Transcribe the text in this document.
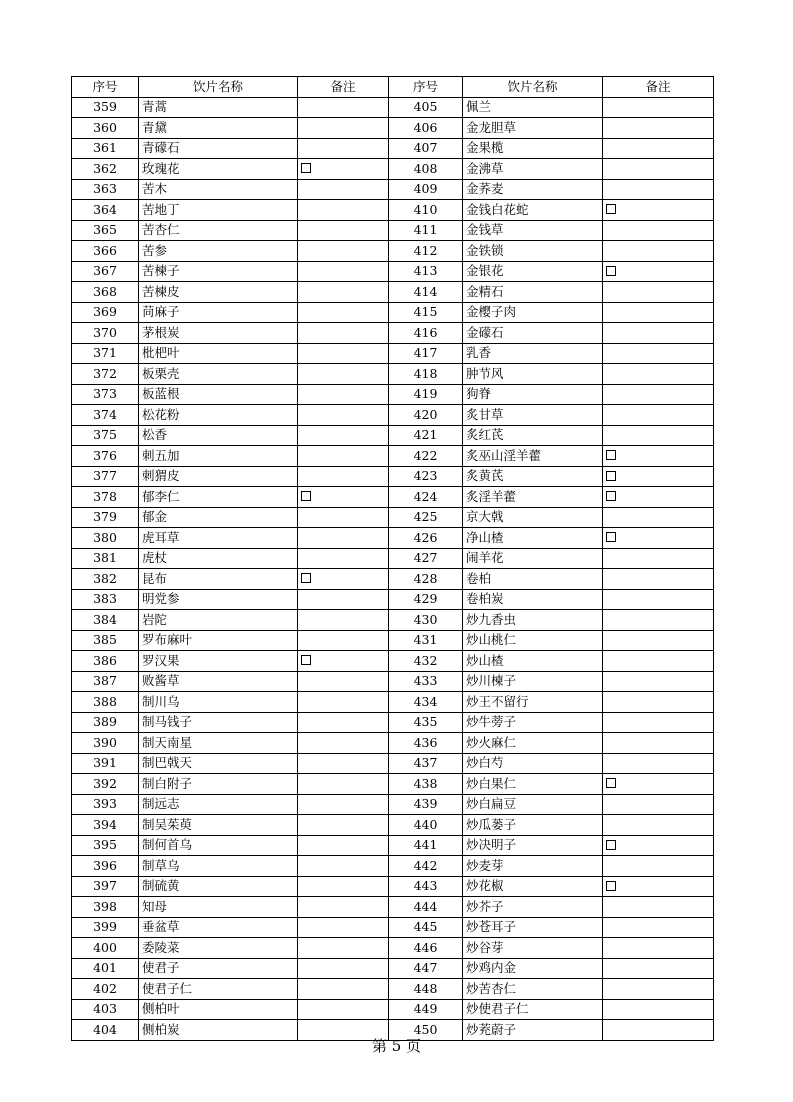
序号	饮片名称	备注	序号	饮片名称	备注
359	青蒿		405	佩兰	
360	青黛		406	金龙胆草	
361	青礞石		407	金果榄	
362	玫瑰花		408	金沸草	
363	苦木		409	金荞麦	
364	苦地丁		410	金钱白花蛇	
365	苦杏仁		411	金钱草	
366	苦参		412	金铁锁	
367	苦楝子		413	金银花	
368	苦楝皮		414	金精石	
369	苘麻子		415	金樱子肉	
370	茅根炭		416	金礞石	
371	枇杷叶		417	乳香	
372	板栗壳		418	肿节风	
373	板蓝根		419	狗脊	
374	松花粉		420	炙甘草	
375	松香		421	炙红芪	
376	刺五加		422	炙巫山淫羊藿	
377	刺猬皮		423	炙黄芪	
378	郁李仁		424	炙淫羊藿	
379	郁金		425	京大戟	
380	虎耳草		426	净山楂	
381	虎杖		427	闹羊花	
382	昆布		428	卷柏	
383	明党参		429	卷柏炭	
384	岩陀		430	炒九香虫	
385	罗布麻叶		431	炒山桃仁	
386	罗汉果		432	炒山楂	
387	败酱草		433	炒川楝子	
388	制川乌		434	炒王不留行	
389	制马钱子		435	炒牛蒡子	
390	制天南星		436	炒火麻仁	
391	制巴戟天		437	炒白芍	
392	制白附子		438	炒白果仁	
393	制远志		439	炒白扁豆	
394	制吴茱萸		440	炒瓜蒌子	
395	制何首乌		441	炒决明子	
396	制草乌		442	炒麦芽	
397	制硫黄		443	炒花椒	
398	知母		444	炒芥子	
399	垂盆草		445	炒苍耳子	
400	委陵菜		446	炒谷芽	
401	使君子		447	炒鸡内金	
402	使君子仁		448	炒苦杏仁	
403	侧柏叶		449	炒使君子仁	
404	侧柏炭		450	炒茺蔚子	
第 5 页
